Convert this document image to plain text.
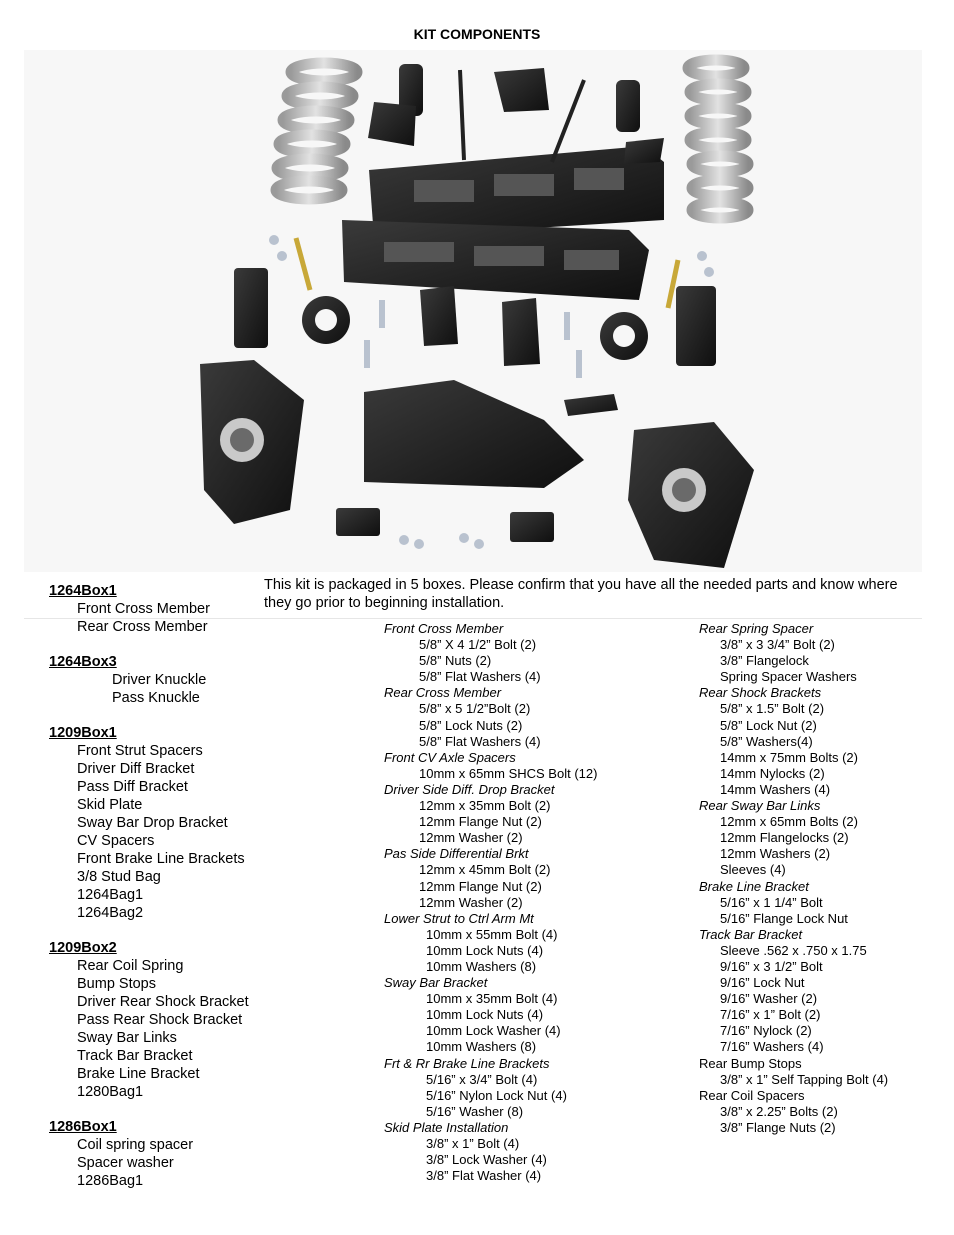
KIT COMPONENTS
This kit is packaged in 5 boxes. Please confirm that you have all the needed parts and know where they go prior to beginning installation.
1264Box1
Front Cross Member
Rear Cross Member
1264Box3
Driver Knuckle
Pass Knuckle
1209Box1
Front Strut Spacers
Driver Diff Bracket
Pass Diff Bracket
Skid Plate
Sway Bar Drop Bracket
CV Spacers
Front Brake Line Brackets
3/8 Stud Bag
1264Bag1
1264Bag2
1209Box2
Rear Coil Spring
Bump Stops
Driver Rear Shock Bracket
Pass Rear Shock Bracket
Sway Bar Links
Track Bar Bracket
Brake Line Bracket
1280Bag1
1286Box1
Coil spring spacer
Spacer washer
1286Bag1
Front Cross Member
5/8” X 4 1/2” Bolt (2)
5/8” Nuts (2)
5/8” Flat Washers (4)
Rear Cross Member
5/8” x 5 1/2”Bolt (2)
5/8” Lock Nuts (2)
5/8” Flat Washers (4)
Front CV Axle Spacers
10mm x 65mm SHCS Bolt (12)
Driver Side Diff. Drop Bracket
12mm x 35mm Bolt (2)
12mm Flange Nut (2)
12mm Washer (2)
Pas Side Differential Brkt
12mm x 45mm Bolt (2)
12mm Flange Nut (2)
12mm Washer (2)
Lower Strut to Ctrl Arm Mt
10mm x 55mm Bolt (4)
10mm Lock Nuts (4)
10mm Washers (8)
Sway Bar Bracket
10mm x 35mm Bolt (4)
10mm Lock Nuts (4)
10mm Lock Washer (4)
10mm Washers (8)
Frt & Rr Brake Line Brackets
5/16” x 3/4” Bolt (4)
5/16” Nylon Lock Nut (4)
5/16” Washer (8)
Skid Plate Installation
3/8” x 1” Bolt (4)
3/8” Lock Washer (4)
3/8” Flat Washer (4)
Rear Spring Spacer
3/8” x 3 3/4” Bolt (2)
3/8” Flangelock
Spring Spacer Washers
Rear Shock Brackets
5/8” x 1.5” Bolt (2)
5/8” Lock Nut (2)
5/8” Washers(4)
14mm x 75mm Bolts (2)
14mm Nylocks (2)
14mm Washers (4)
Rear Sway Bar Links
12mm x 65mm Bolts (2)
12mm Flangelocks (2)
12mm Washers (2)
Sleeves (4)
Brake Line Bracket
5/16” x 1 1/4” Bolt
5/16” Flange Lock Nut
Track Bar Bracket
Sleeve .562 x .750 x 1.75
9/16” x 3 1/2” Bolt
9/16” Lock Nut
9/16” Washer (2)
7/16” x 1” Bolt (2)
7/16” Nylock (2)
7/16” Washers (4)
Rear Bump Stops
3/8” x 1” Self Tapping Bolt (4)
Rear Coil Spacers
3/8” x 2.25” Bolts (2)
3/8” Flange Nuts (2)
